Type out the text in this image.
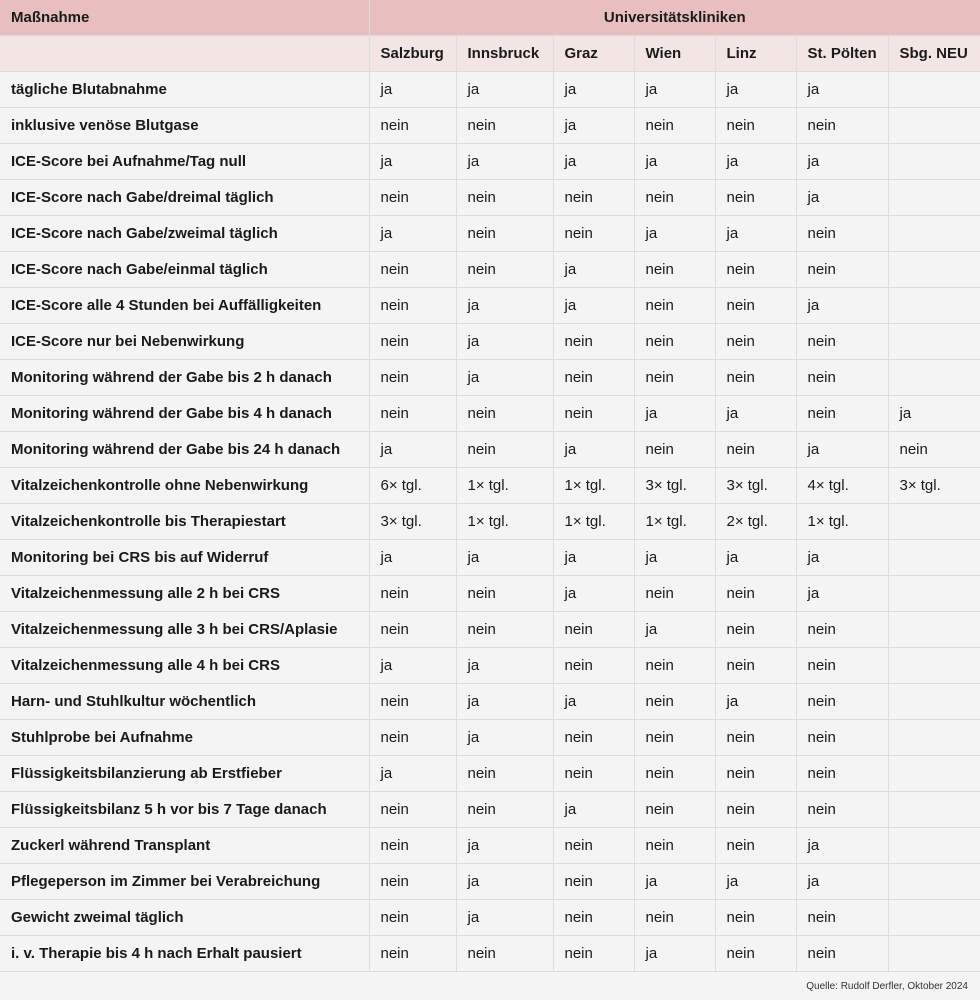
Maßnahme	Universitätskliniken						
	Salzburg	Innsbruck	Graz	Wien	Linz	St. Pölten	Sbg. NEU
tägliche Blutabnahme	ja	ja	ja	ja	ja	ja	
inklusive venöse Blutgase	nein	nein	ja	nein	nein	nein	
ICE-Score bei Aufnahme/Tag null	ja	ja	ja	ja	ja	ja	
ICE-Score nach Gabe/dreimal täglich	nein	nein	nein	nein	nein	ja	
ICE-Score nach Gabe/zweimal täglich	ja	nein	nein	ja	ja	nein	
ICE-Score nach Gabe/einmal täglich	nein	nein	ja	nein	nein	nein	
ICE-Score alle 4 Stunden bei Auffälligkeiten	nein	ja	ja	nein	nein	ja	
ICE-Score nur bei Nebenwirkung	nein	ja	nein	nein	nein	nein	
Monitoring während der Gabe bis 2 h danach	nein	ja	nein	nein	nein	nein	
Monitoring während der Gabe bis 4 h danach	nein	nein	nein	ja	ja	nein	ja
Monitoring während der Gabe bis 24 h danach	ja	nein	ja	nein	nein	ja	nein
Vitalzeichenkontrolle ohne Nebenwirkung	6× tgl.	1× tgl.	1× tgl.	3× tgl.	3× tgl.	4× tgl.	3× tgl.
Vitalzeichenkontrolle bis Therapiestart	3× tgl.	1× tgl.	1× tgl.	1× tgl.	2× tgl.	1× tgl.	
Monitoring bei CRS bis auf Widerruf	ja	ja	ja	ja	ja	ja	
Vitalzeichenmessung alle 2 h bei CRS	nein	nein	ja	nein	nein	ja	
Vitalzeichenmessung alle 3 h bei CRS/Aplasie	nein	nein	nein	ja	nein	nein	
Vitalzeichenmessung alle 4 h bei CRS	ja	ja	nein	nein	nein	nein	
Harn- und Stuhlkultur wöchentlich	nein	ja	ja	nein	ja	nein	
Stuhlprobe bei Aufnahme	nein	ja	nein	nein	nein	nein	
Flüssigkeitsbilanzierung ab Erstfieber	ja	nein	nein	nein	nein	nein	
Flüssigkeitsbilanz 5 h vor bis 7 Tage danach	nein	nein	ja	nein	nein	nein	
Zuckerl während Transplant	nein	ja	nein	nein	nein	ja	
Pflegeperson im Zimmer bei Verabreichung	nein	ja	nein	ja	ja	ja	
Gewicht zweimal täglich	nein	ja	nein	nein	nein	nein	
i. v. Therapie bis 4 h nach Erhalt pausiert	nein	nein	nein	ja	nein	nein	
Quelle: Rudolf Derfler, Oktober 2024
